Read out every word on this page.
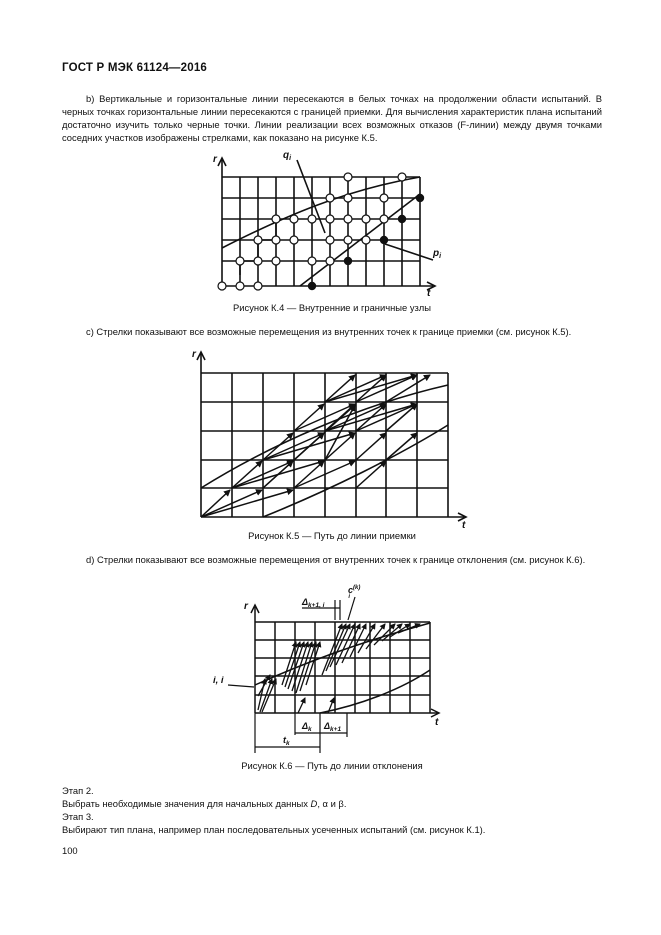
ГОСТ Р МЭК 61124—2016
b) Вертикальные и горизонтальные линии пересекаются в белых точках на продолжении области испытаний. В черных точках горизонтальные линии пересекаются с границей приемки. Для вычисления характеристик плана испытаний достаточно изучить только черные точки. Линии реализации всех возможных отказов (F-линии) между двумя точками соседних участков изображены стрелками, как показано на рисунке К.5.
r
t
$q_i$
$p_i$
Рисунок К.4 — Внутренние и граничные узлы
c) Стрелки показывают все возможные перемещения из внутренних точек к границе приемки (см. рисунок К.5).
r
t
Рисунок К.5 — Путь до линии приемки
d) Стрелки показывают все возможные перемещения от внутренних точек к границе отклонения (см. рисунок К.6).
r
t
i, i
$\Delta_{k+1, i}$
$c^{(k)}$ i
$\Delta_k$ $\Delta_{k+1}$
$t_k$
Рисунок К.6 — Путь до линии отклонения
Этап 2.
Выбрать необходимые значения для начальных данных D, α и β.
Этап 3.
Выбирают тип плана, например план последовательных усеченных испытаний (см. рисунок К.1).
100
